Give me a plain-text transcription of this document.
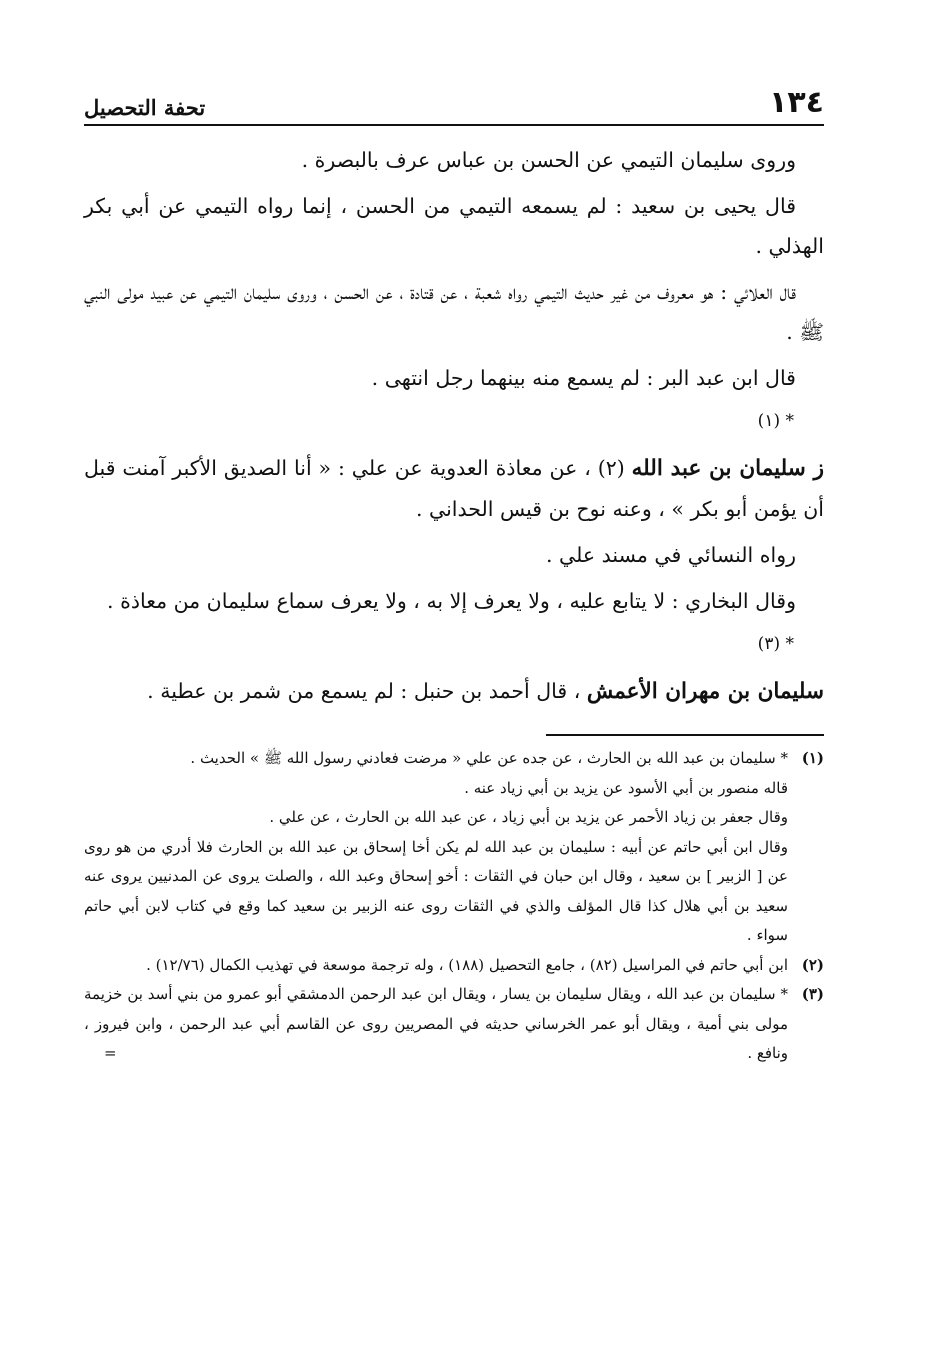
١٣٤
تحفة التحصيل

وروى سليمان التيمي عن الحسن بن عباس عرف بالبصرة .

قال يحيى بن سعيد : لم يسمعه التيمي من الحسن ، إنما رواه التيمي عن أبي بكر الهذلي .

قال العلائي : هو معروف من غير حديث التيمي رواه شعبة ، عن قتادة ، عن الحسن ، وروى سليمان التيمي عن عبيد مولى النبي ﷺ .

قال ابن عبد البر : لم يسمع منه بينهما رجل انتهى .

* (١)

ز سليمان بن عبد الله (٢) ، عن معاذة العدوية عن علي : « أنا الصديق الأكبر آمنت قبل أن يؤمن أبو بكر » ، وعنه نوح بن قيس الحداني .

رواه النسائي في مسند علي .

وقال البخاري : لا يتابع عليه ، ولا يعرف إلا به ، ولا يعرف سماع سليمان من معاذة .

* (٣)

سليمان بن مهران الأعمش ، قال أحمد بن حنبل : لم يسمع من شمر بن عطية .

(١)

* سليمان بن عبد الله بن الحارث ، عن جده عن علي « مرضت فعادني رسول الله ﷺ » الحديث .

قاله منصور بن أبي الأسود عن يزيد بن أبي زياد عنه .

وقال جعفر بن زياد الأحمر عن يزيد بن أبي زياد ، عن عبد الله بن الحارث ، عن علي .

وقال ابن أبي حاتم عن أبيه : سليمان بن عبد الله لم يكن أخا إسحاق بن عبد الله بن الحارث فلا أدري من هو روى عن [ الزبير ] بن سعيد ، وقال ابن حبان في الثقات : أخو إسحاق وعبد الله ، والصلت يروى عن المدنيين يروى عنه سعيد بن أبي هلال كذا قال المؤلف والذي في الثقات روى عنه الزبير بن سعيد كما وقع في كتاب لابن أبي حاتم سواء .

(٢)

ابن أبي حاتم في المراسيل (٨٢) ، جامع التحصيل (١٨٨) ، وله ترجمة موسعة في تهذيب الكمال (١٢/٧٦) .

(٣)

* سليمان بن عبد الله ، ويقال سليمان بن يسار ، ويقال ابن عبد الرحمن الدمشقي أبو عمرو من بني أسد بن خزيمة مولى بني أمية ، ويقال أبو عمر الخرساني حديثه في المصريين روى عن القاسم أبي عبد الرحمن ، وابن فيروز ، ونافع .
=
